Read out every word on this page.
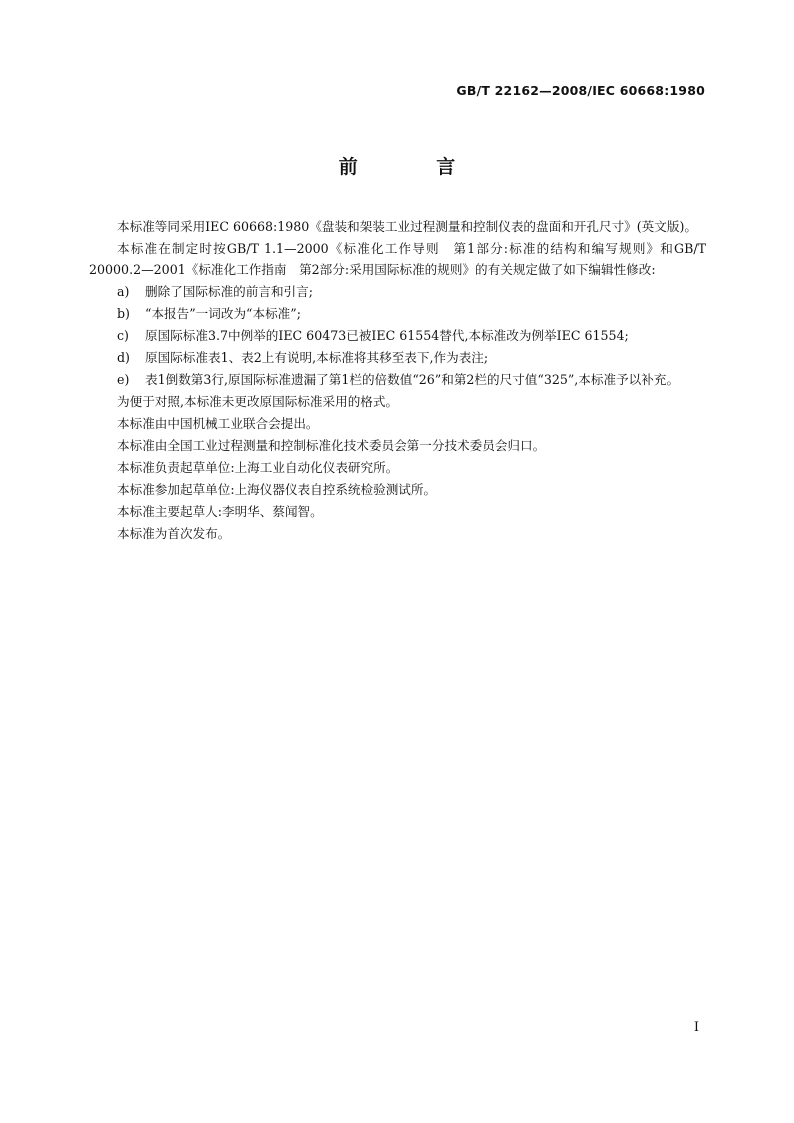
GB/T 22162—2008/IEC 60668:1980
前 言

本标准等同采用IEC 60668:1980《盘装和架装工业过程测量和控制仪表的盘面和开孔尺寸》(英文版)。

本标准在制定时按GB/T 1.1—2000《标准化工作导则　第1部分:标准的结构和编写规则》和GB/T 20000.2—2001《标准化工作指南　第2部分:采用国际标准的规则》的有关规定做了如下编辑性修改:

a)	删除了国际标准的前言和引言;
b)	“本报告”一词改为“本标准”;
c)	原国际标准3.7中例举的IEC 60473已被IEC 61554替代,本标准改为例举IEC 61554;
d)	原国际标准表1、表2上有说明,本标准将其移至表下,作为表注;
e)	表1倒数第3行,原国际标准遗漏了第1栏的倍数值“26”和第2栏的尺寸值“325”,本标准予以补充。

为便于对照,本标准未更改原国际标准采用的格式。

本标准由中国机械工业联合会提出。

本标准由全国工业过程测量和控制标准化技术委员会第一分技术委员会归口。

本标准负责起草单位:上海工业自动化仪表研究所。

本标准参加起草单位:上海仪器仪表自控系统检验测试所。

本标准主要起草人:李明华、蔡闻智。

本标准为首次发布。

I
